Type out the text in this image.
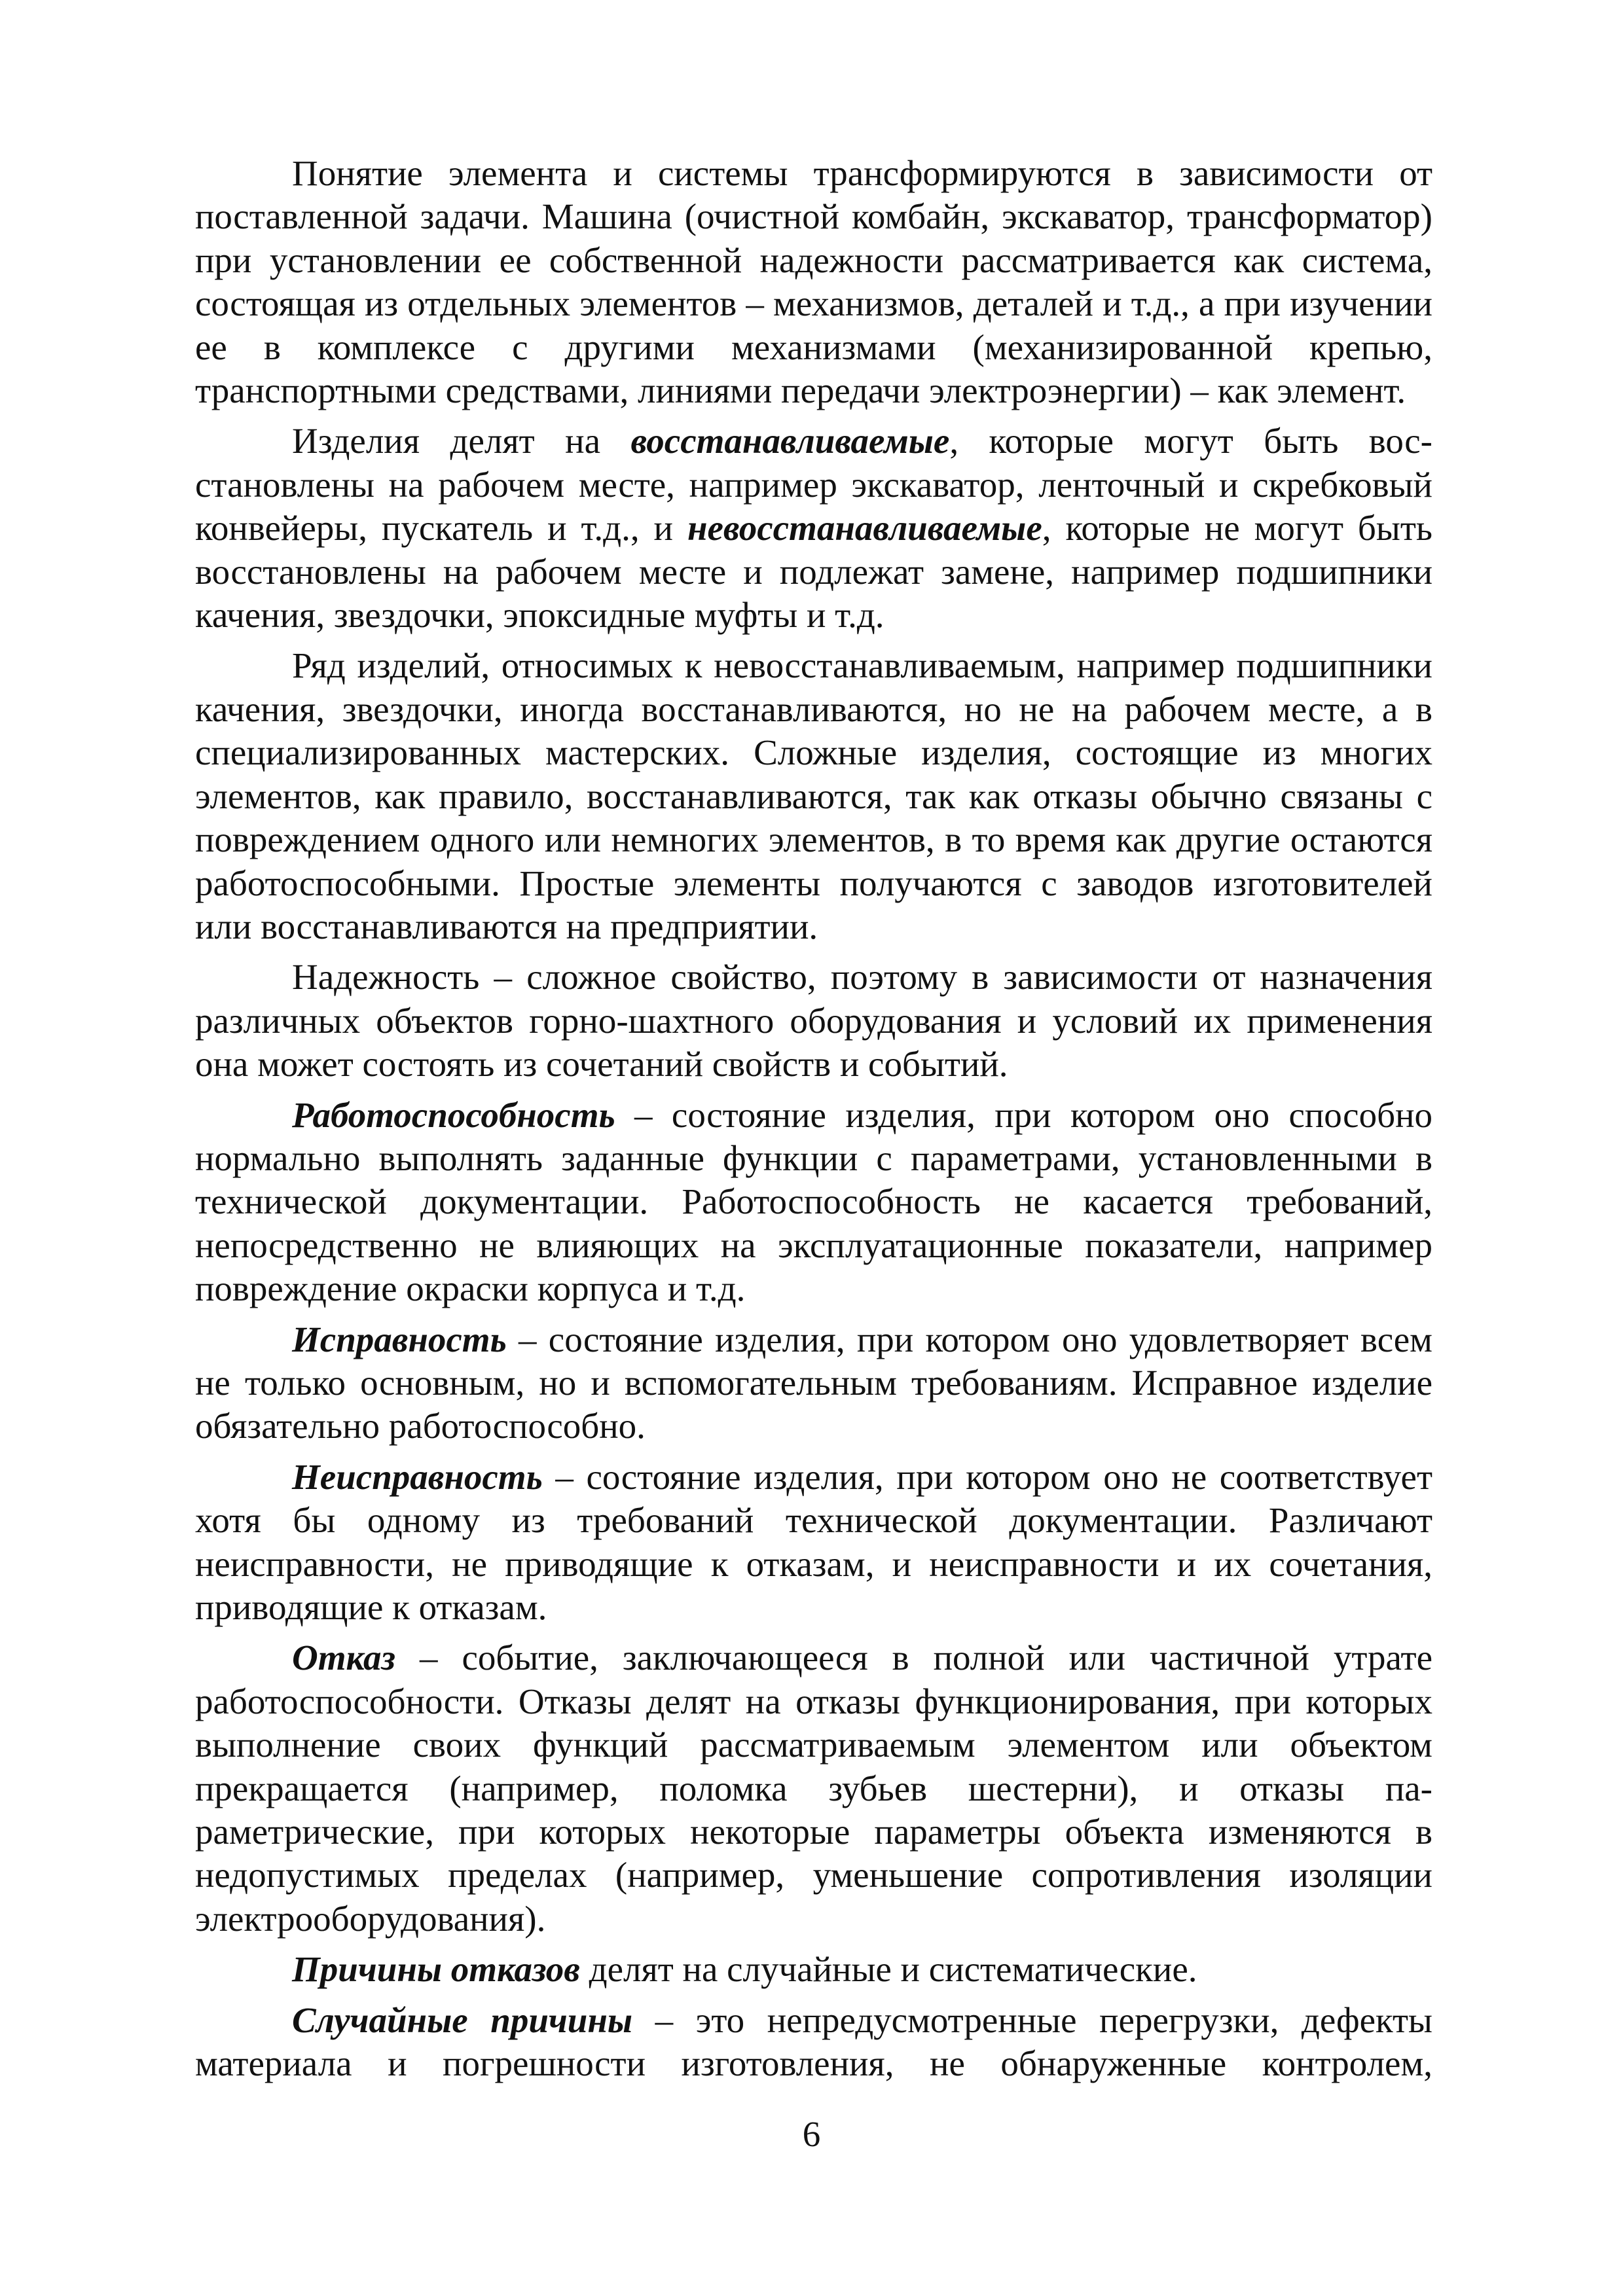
Понятие элемента и системы трансформируются в зависимости от поставленной задачи. Машина (очистной комбайн, экскаватор, трансформатор) при установлении ее собственной надежности рассматривается как система, состоящая из отдельных элементов – механизмов, деталей и т.д., а при изучении ее в комплексе с другими механизмами (механизированной крепью, транспортными средствами, линиями передачи электроэнергии) – как элемент.

Изделия делят на восстанавливаемые, которые могут быть восстановлены на рабочем месте, например экскаватор, ленточный и скребковый конвейеры, пускатель и т.д., и невосстанавливаемые, которые не могут быть восстановлены на рабочем месте и подлежат замене, например подшипники качения, звездочки, эпоксидные муфты и т.д.

Ряд изделий, относимых к невосстанавливаемым, например подшипники качения, звездочки, иногда восстанавливаются, но не на рабочем месте, а в специализированных мастерских. Сложные изделия, состоящие из многих элементов, как правило, восстанавливаются, так как отказы обычно связаны с повреждением одного или немногих элементов, в то время как другие остаются работоспособными. Простые элементы получаются с заводов изготовителей или восстанавливаются на предприятии.

Надежность – сложное свойство, поэтому в зависимости от назначения различных объектов горно-шахтного оборудования и условий их применения она может состоять из сочетаний свойств и событий.

Работоспособность – состояние изделия, при котором оно способно нормально выполнять заданные функции с параметрами, установленными в технической документации. Работоспособность не касается требований, непосредственно не влияющих на эксплуатационные показатели, например повреждение окраски корпуса и т.д.

Исправность – состояние изделия, при котором оно удовлетворяет всем не только основным, но и вспомогательным требованиям. Исправное изделие обязательно работоспособно.

Неисправность – состояние изделия, при котором оно не соответствует хотя бы одному из требований технической документации. Различают неисправности, не приводящие к отказам, и неисправности и их сочетания, приводящие к отказам.

Отказ – событие, заключающееся в полной или частичной утрате работоспособности. Отказы делят на отказы функционирования, при которых выполнение своих функций рассматриваемым элементом или объектом прекращается (например, поломка зубьев шестерни), и отказы параметрические, при которых некоторые параметры объекта изменяются в недопустимых пределах (например, уменьшение сопротивления изоляции электрооборудования).

Причины отказов делят на случайные и систематические.

Случайные причины – это непредусмотренные перегрузки, дефекты материала и погрешности изготовления, не обнаруженные контролем,

6
